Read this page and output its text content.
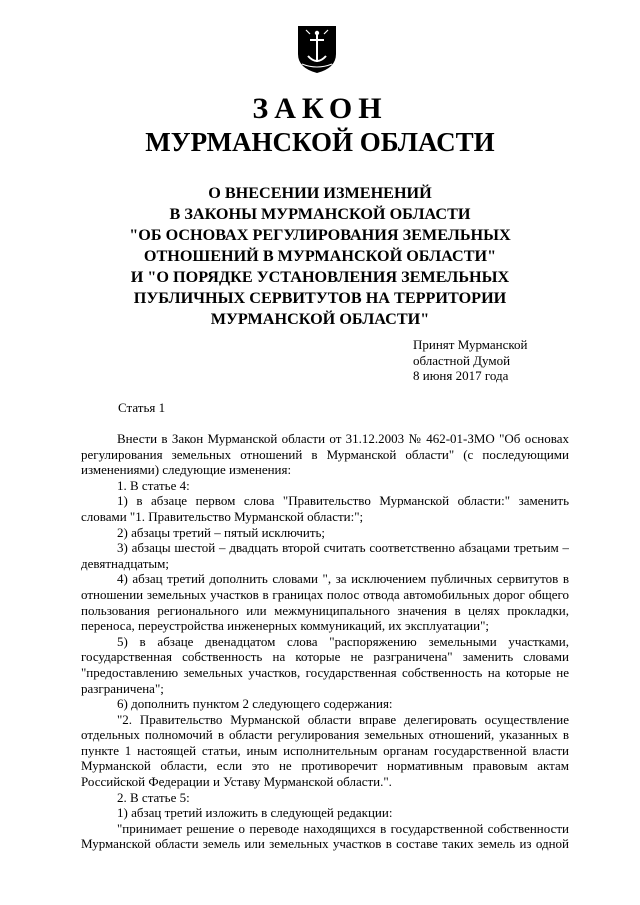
ЗАКОН
МУРМАНСКОЙ ОБЛАСТИ
О ВНЕСЕНИИ ИЗМЕНЕНИЙ
В ЗАКОНЫ МУРМАНСКОЙ ОБЛАСТИ
"ОБ ОСНОВАХ РЕГУЛИРОВАНИЯ ЗЕМЕЛЬНЫХ
ОТНОШЕНИЙ В МУРМАНСКОЙ ОБЛАСТИ"
И "О ПОРЯДКЕ УСТАНОВЛЕНИЯ ЗЕМЕЛЬНЫХ
ПУБЛИЧНЫХ СЕРВИТУТОВ НА ТЕРРИТОРИИ
МУРМАНСКОЙ ОБЛАСТИ"
Принят Мурманской
областной Думой
8 июня 2017 года
Статья 1
Внести в Закон Мурманской области от 31.12.2003 № 462-01-ЗМО "Об основах
регулирования земельных отношений в Мурманской области" (с последующими
изменениями) следующие изменения:
1. В статье 4:
1) в абзаце первом слова "Правительство Мурманской области:" заменить
словами "1. Правительство Мурманской области:";
2) абзацы третий – пятый исключить;
3) абзацы шестой – двадцать второй считать соответственно абзацами третьим –
девятнадцатым;
4) абзац третий дополнить словами ", за исключением публичных сервитутов в
отношении земельных участков в границах полос отвода автомобильных дорог общего
пользования регионального или межмуниципального значения в целях прокладки,
переноса, переустройства инженерных коммуникаций, их эксплуатации";
5) в абзаце двенадцатом слова "распоряжению земельными участками,
государственная собственность на которые не разграничена" заменить словами
"предоставлению земельных участков, государственная собственность на которые не
разграничена";
6) дополнить пунктом 2 следующего содержания:
"2. Правительство Мурманской области вправе делегировать осуществление
отдельных полномочий в области регулирования земельных отношений, указанных в
пункте 1 настоящей статьи, иным исполнительным органам государственной власти
Мурманской области, если это не противоречит нормативным правовым актам
Российской Федерации и Уставу Мурманской области.".
2. В статье 5:
1) абзац третий изложить в следующей редакции:
"принимает решение о переводе находящихся в государственной собственности
Мурманской области земель или земельных участков в составе таких земель из одной
